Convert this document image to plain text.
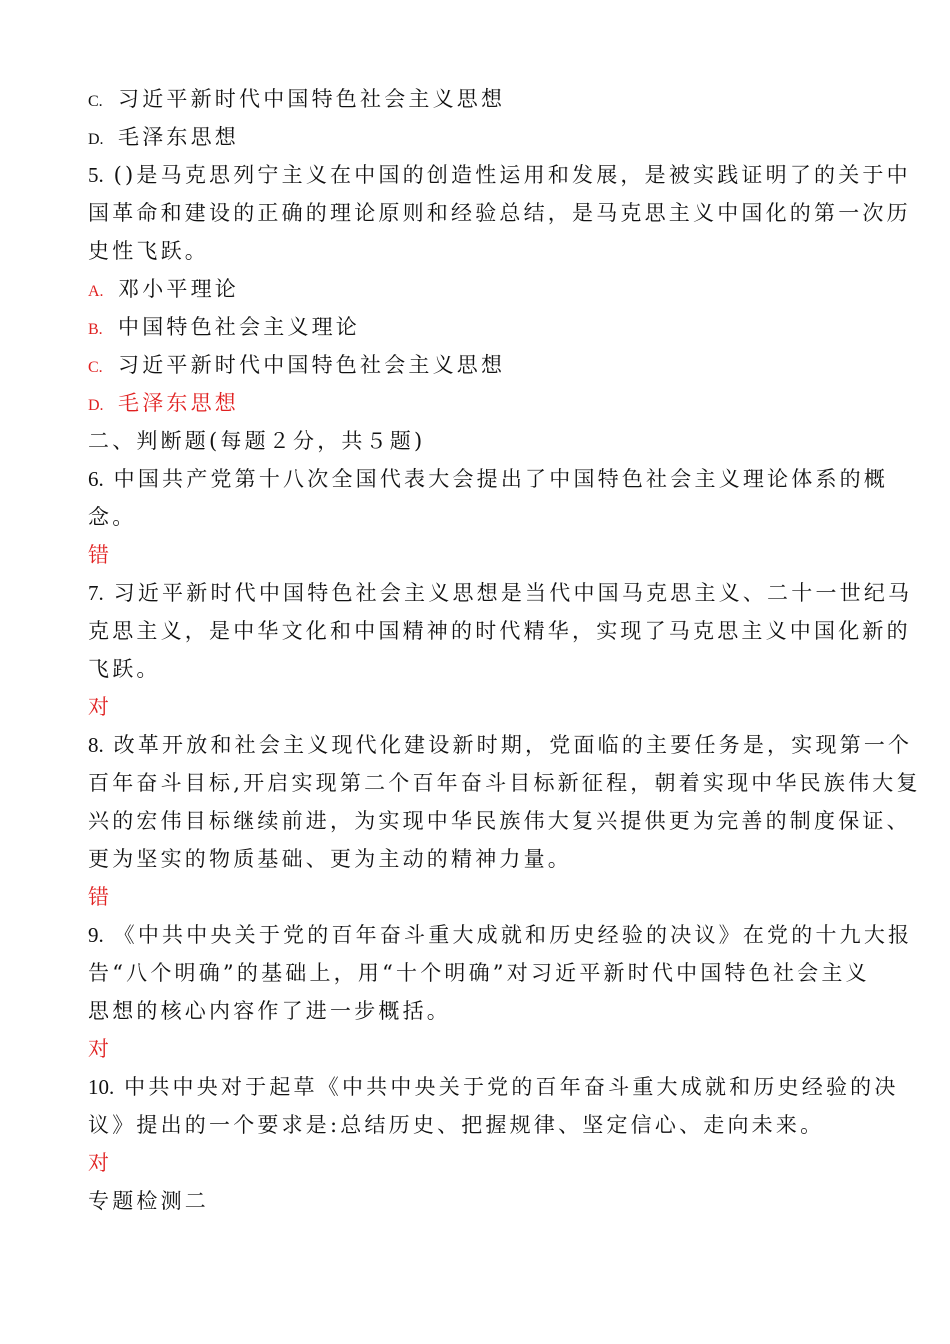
C. 习近平新时代中国特色社会主义思想
D. 毛泽东思想
5. ()是马克思列宁主义在中国的创造性运用和发展，是被实践证明了的关于中
国革命和建设的正确的理论原则和经验总结，是马克思主义中国化的第一次历
史性飞跃。
A. 邓小平理论
B. 中国特色社会主义理论
C. 习近平新时代中国特色社会主义思想
D. 毛泽东思想
二、判断题(每题２分，共５题)
6. 中国共产党第十八次全国代表大会提出了中国特色社会主义理论体系的概
念。
错
7. 习近平新时代中国特色社会主义思想是当代中国马克思主义、二十一世纪马
克思主义，是中华文化和中国精神的时代精华，实现了马克思主义中国化新的
飞跃。
对
8. 改革开放和社会主义现代化建设新时期，党面临的主要任务是，实现第一个
百年奋斗目标,开启实现第二个百年奋斗目标新征程，朝着实现中华民族伟大复
兴的宏伟目标继续前进，为实现中华民族伟大复兴提供更为完善的制度保证、
更为坚实的物质基础、更为主动的精神力量。
错
9. 《中共中央关于党的百年奋斗重大成就和历史经验的决议》在党的十九大报
告“八个明确”的基础上，用“十个明确”对习近平新时代中国特色社会主义
思想的核心内容作了进一步概括。
对
10. 中共中央对于起草《中共中央关于党的百年奋斗重大成就和历史经验的决
议》提出的一个要求是:总结历史、把握规律、坚定信心、走向未来。
对
专题检测二
